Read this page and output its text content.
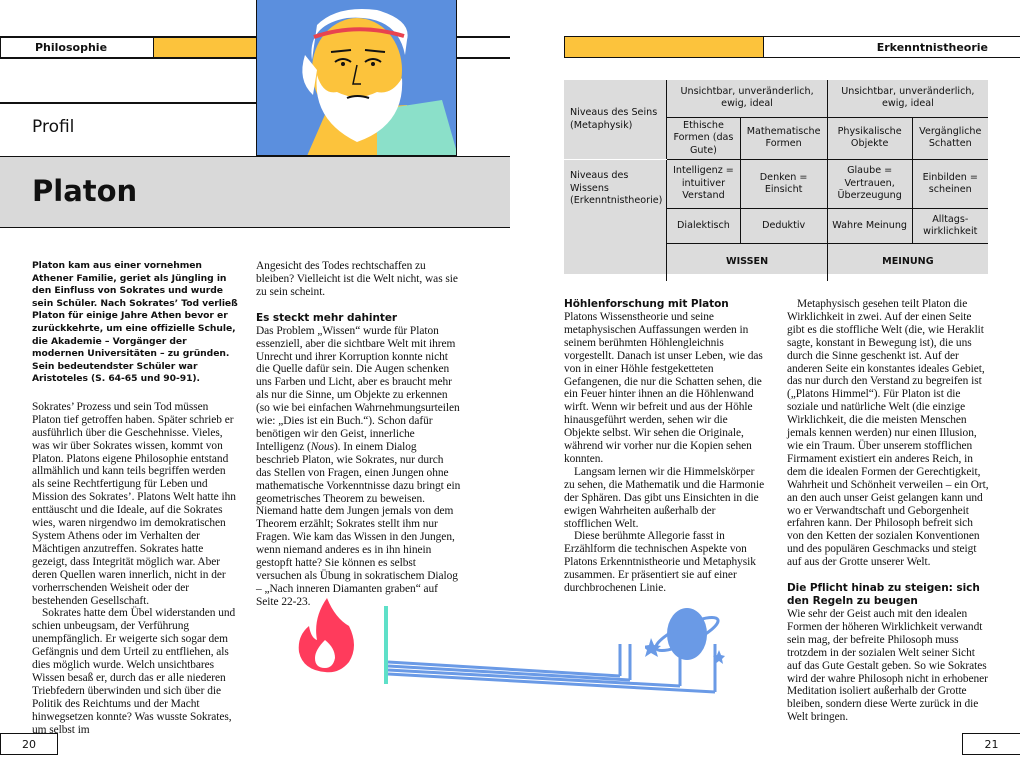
Philosophie
Profil
Platon
Platon kam aus einer vornehmen Athener Familie, geriet als Jüngling in den Einfluss von Sokrates und wurde sein Schüler. Nach Sokrates’ Tod verließ Platon für einige Jahre Athen bevor er zurückkehrte, um eine offizielle Schule, die Akademie – Vorgänger der modernen Universitäten – zu gründen. Sein bedeutendster Schüler war Aristoteles (S. 64-65 und 90-91).

Sokrates’ Prozess und sein Tod müssen Platon tief getroffen haben. Später schrieb er ausführlich über die Geschehnisse. Vieles, was wir über Sokrates wissen, kommt von Platon. Platons eigene Philosophie entstand allmählich und kann teils begriffen werden als seine Rechtfertigung für Leben und Mission des Sokrates’. Platons Welt hatte ihn enttäuscht und die Ideale, auf die Sokrates wies, waren nirgendwo im demokratischen System Athens oder im Verhalten der Mächtigen anzutreffen. Sokrates hatte gezeigt, dass Integrität möglich war. Aber deren Quellen waren innerlich, nicht in der vorherrschenden Weisheit oder der bestehenden Gesellschaft.

Sokrates hatte dem Übel widerstanden und schien unbeugsam, der Verführung unempfänglich. Er weigerte sich sogar dem Gefängnis und dem Urteil zu entfliehen, als dies möglich wurde. Welch unsichtbares Wissen besaß er, durch das er alle niederen Triebfedern überwinden und sich über die Politik des Reichtums und der Macht hinwegsetzen konnte? Was wusste Sokrates, um selbst im

Angesicht des Todes rechtschaffen zu bleiben? Vielleicht ist die Welt nicht, was sie zu sein scheint.

Es steckt mehr dahinter

Das Problem „Wissen“ wurde für Platon essenziell, aber die sichtbare Welt mit ihrem Unrecht und ihrer Korruption konnte nicht die Quelle dafür sein. Die Augen schenken uns Farben und Licht, aber es braucht mehr als nur die Sinne, um Objekte zu erkennen (so wie bei einfachen Wahrnehmungsurteilen wie: „Dies ist ein Buch.“). Schon dafür benötigen wir den Geist, innerliche Intelligenz (Nous). In einem Dialog beschrieb Platon, wie Sokrates, nur durch das Stellen von Fragen, einen Jungen ohne mathematische Vorkenntnisse dazu bringt ein geometrisches Theorem zu beweisen. Niemand hatte dem Jungen jemals von dem Theorem erzählt; Sokrates stellt ihm nur Fragen. Wie kam das Wissen in den Jungen, wenn niemand anderes es in ihn hinein gestopft hatte? Sie können es selbst versuchen als Übung in sokratischem Dialog – „Nach inneren Diamanten graben“ auf Seite 22-23.

20
Erkenntnistheorie
Niveaus des Seins (Metaphysik)	Unsichtbar, unveränderlich, ewig, ideal		Unsichtbar, unveränderlich, ewig, ideal	
	Ethische Formen (das Gute)	Mathematische Formen	Physikalische Objekte	Vergängliche Schatten
Niveaus des Wissens (Erkenntnistheorie)	Intelligenz = intuitiver Verstand	Denken = Einsicht	Glaube = Vertrauen, Überzeugung	Einbilden = scheinen
	Dialektisch	Deduktiv	Wahre Meinung	Alltags-wirklichkeit
	WISSEN		MEINUNG	
Höhlenforschung mit Platon

Platons Wissenstheorie und seine metaphysischen Auffassungen werden in seinem berühmten Höhlengleichnis vorgestellt. Danach ist unser Leben, wie das von in einer Höhle festgeketteten Gefangenen, die nur die Schatten sehen, die ein Feuer hinter ihnen an die Höhlenwand wirft. Wenn wir befreit und aus der Höhle hinausgeführt werden, sehen wir die Objekte selbst. Wir sehen die Originale, während wir vorher nur die Kopien sehen konnten.

Langsam lernen wir die Himmelskörper zu sehen, die Mathematik und die Harmonie der Sphären. Das gibt uns Einsichten in die ewigen Wahrheiten außerhalb der stofflichen Welt.

Diese berühmte Allegorie fasst in Erzählform die technischen Aspekte von Platons Erkenntnistheorie und Metaphysik zusammen. Er präsentiert sie auf einer durchbrochenen Linie.

Metaphysisch gesehen teilt Platon die Wirklichkeit in zwei. Auf der einen Seite gibt es die stoffliche Welt (die, wie Heraklit sagte, konstant in Bewegung ist), die uns durch die Sinne geschenkt ist. Auf der anderen Seite ein konstantes ideales Gebiet, das nur durch den Verstand zu begreifen ist („Platons Himmel“). Für Platon ist die soziale und natürliche Welt (die einzige Wirklichkeit, die die meisten Menschen jemals kennen werden) nur einen Illusion, wie ein Traum. Über unserem stofflichen Firmament existiert ein anderes Reich, in dem die idealen Formen der Gerechtigkeit, Wahrheit und Schönheit verweilen – ein Ort, an den auch unser Geist gelangen kann und wo er Verwandtschaft und Geborgenheit erfahren kann. Der Philosoph befreit sich von den Ketten der sozialen Konventionen und des populären Geschmacks und steigt auf aus der Grotte unserer Welt.

Die Pflicht hinab zu steigen: sich den Regeln zu beugen

Wie sehr der Geist auch mit den idealen Formen der höheren Wirklichkeit verwandt sein mag, der befreite Philosoph muss trotzdem in der sozialen Welt seiner Sicht auf das Gute Gestalt geben. So wie Sokrates wird der wahre Philosoph nicht in erhobener Meditation isoliert außerhalb der Grotte bleiben, sondern diese Werte zurück in die Welt bringen.

21
